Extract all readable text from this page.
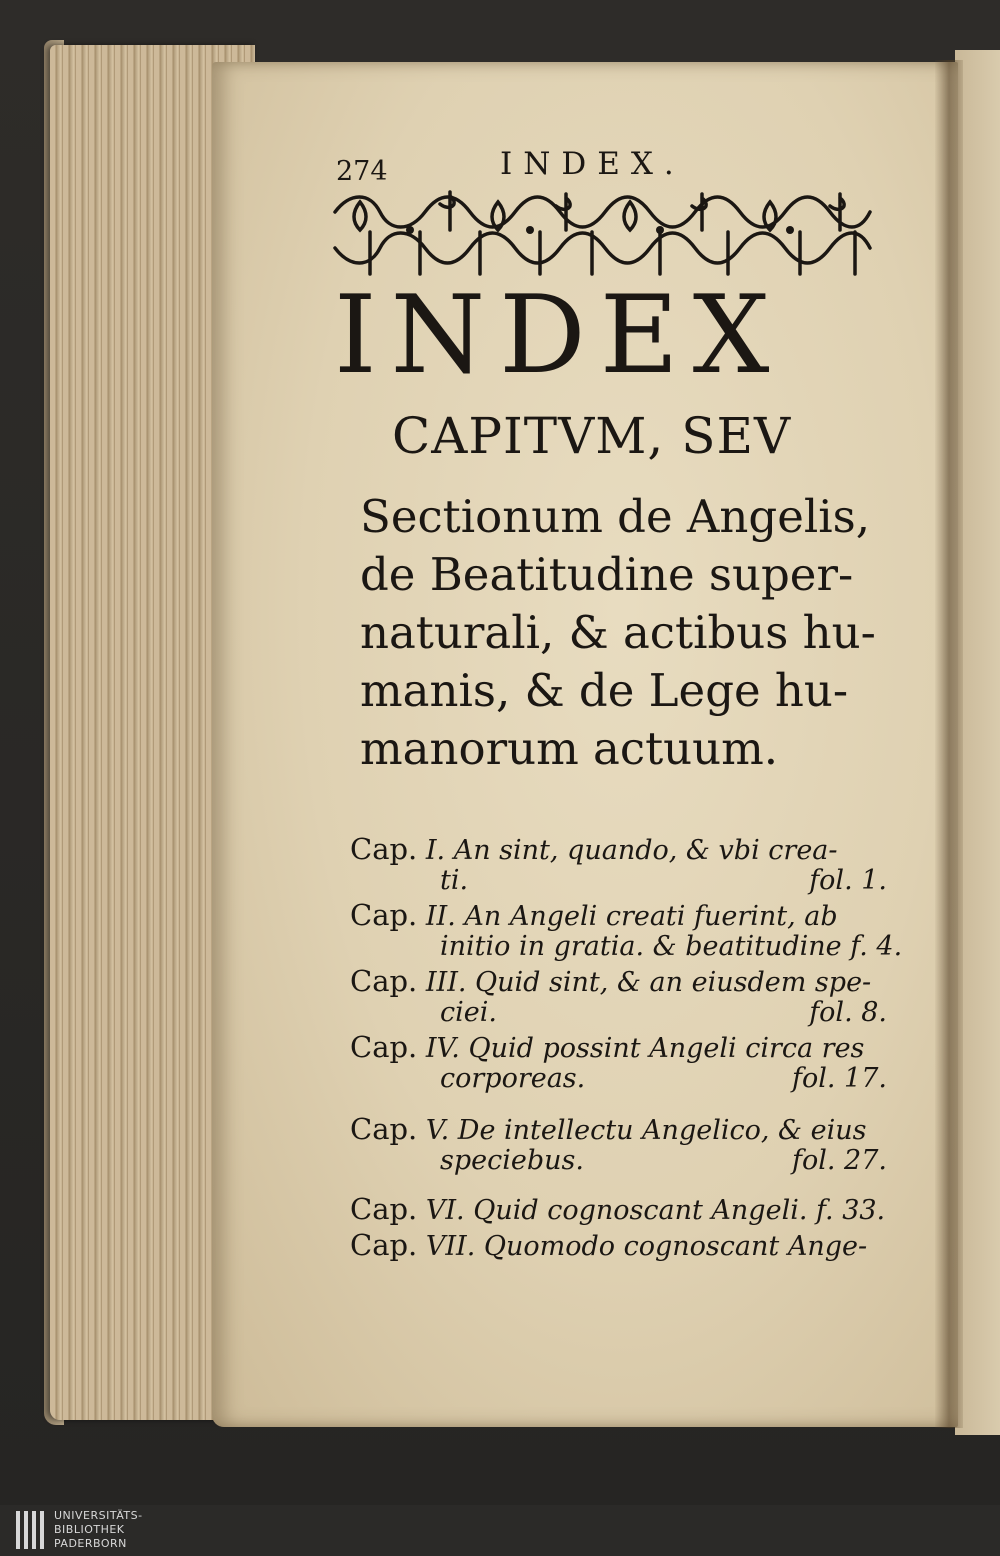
274	INDEX.
INDEX
CAPITVM, SEV
Sectionum de Angelis,
de Beatitudine super-
naturali, & actibus hu-
manis, & de Lege hu-
manorum actuum.
Cap. I. An sint, quando, & vbi crea-
ti.	fol. 1.
Cap. II. An Angeli creati fuerint, ab
initio in gratia. & beatitudine f. 4.
Cap. III. Quid sint, & an eiusdem spe-
ciei.	fol. 8.
Cap. IV. Quid possint Angeli circa res
corporeas.	fol. 17.
Cap. V. De intellectu Angelico, & eius
speciebus.	fol. 27.
Cap. VI. Quid cognoscant Angeli. f. 33.
Cap. VII. Quomodo cognoscant Ange-
UNIVERSITÄTS-
BIBLIOTHEK
PADERBORN
